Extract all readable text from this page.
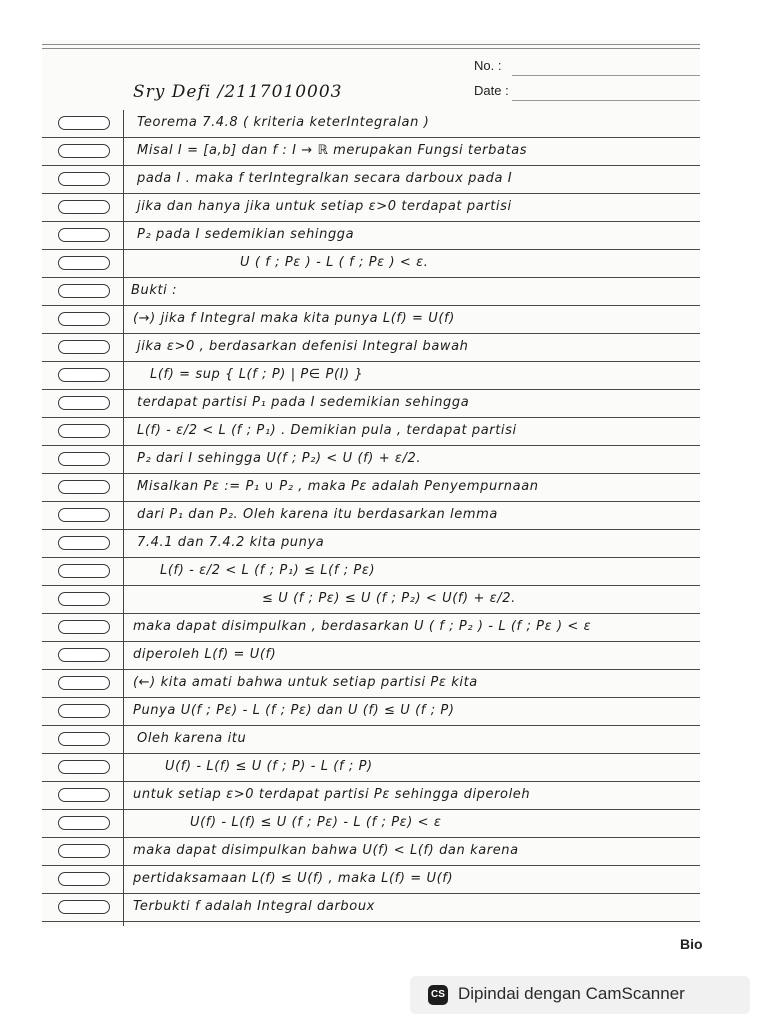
No. :
Date :
Sry Defi /2117010003
Teorema 7.4.8 ( kriteria keterIntegralan )
Misal I = [a,b] dan f : I → ℝ merupakan Fungsi terbatas
pada I . maka f terIntegralkan secara darboux pada I
jika dan hanya jika untuk setiap ε>0 terdapat partisi
P₂ pada I sedemikian sehingga
U ( f ; Pε ) - L ( f ; Pε ) < ε.
Bukti :
(→) jika f Integral maka kita punya L(f) = U(f)
jika ε>0 , berdasarkan defenisi Integral bawah
L(f) = sup { L(f ; P) | P∈ P(I) }
terdapat partisi P₁ pada I sedemikian sehingga
L(f) - ε/2 < L (f ; P₁) . Demikian pula , terdapat partisi
P₂ dari I sehingga U(f ; P₂) < U (f) + ε/2.
Misalkan Pε := P₁ ∪ P₂ , maka Pε adalah Penyempurnaan
dari P₁ dan P₂. Oleh karena itu berdasarkan lemma
7.4.1 dan 7.4.2 kita punya
L(f) - ε/2 < L (f ; P₁) ≤ L(f ; Pε)
≤ U (f ; Pε) ≤ U (f ; P₂) < U(f) + ε/2.
maka dapat disimpulkan , berdasarkan U ( f ; P₂ ) - L (f ; Pε ) < ε
diperoleh L(f) = U(f)
(←) kita amati bahwa untuk setiap partisi Pε kita
Punya U(f ; Pε) - L (f ; Pε) dan U (f) ≤ U (f ; P)
Oleh karena itu
U(f) - L(f) ≤ U (f ; P) - L (f ; P)
untuk setiap ε>0 terdapat partisi Pε sehingga diperoleh
U(f) - L(f) ≤ U (f ; Pε) - L (f ; Pε) < ε
maka dapat disimpulkan bahwa U(f) < L(f) dan karena
pertidaksamaan L(f) ≤ U(f) , maka L(f) = U(f)
Terbukti f adalah Integral darboux
Bio
CS Dipindai dengan CamScanner
